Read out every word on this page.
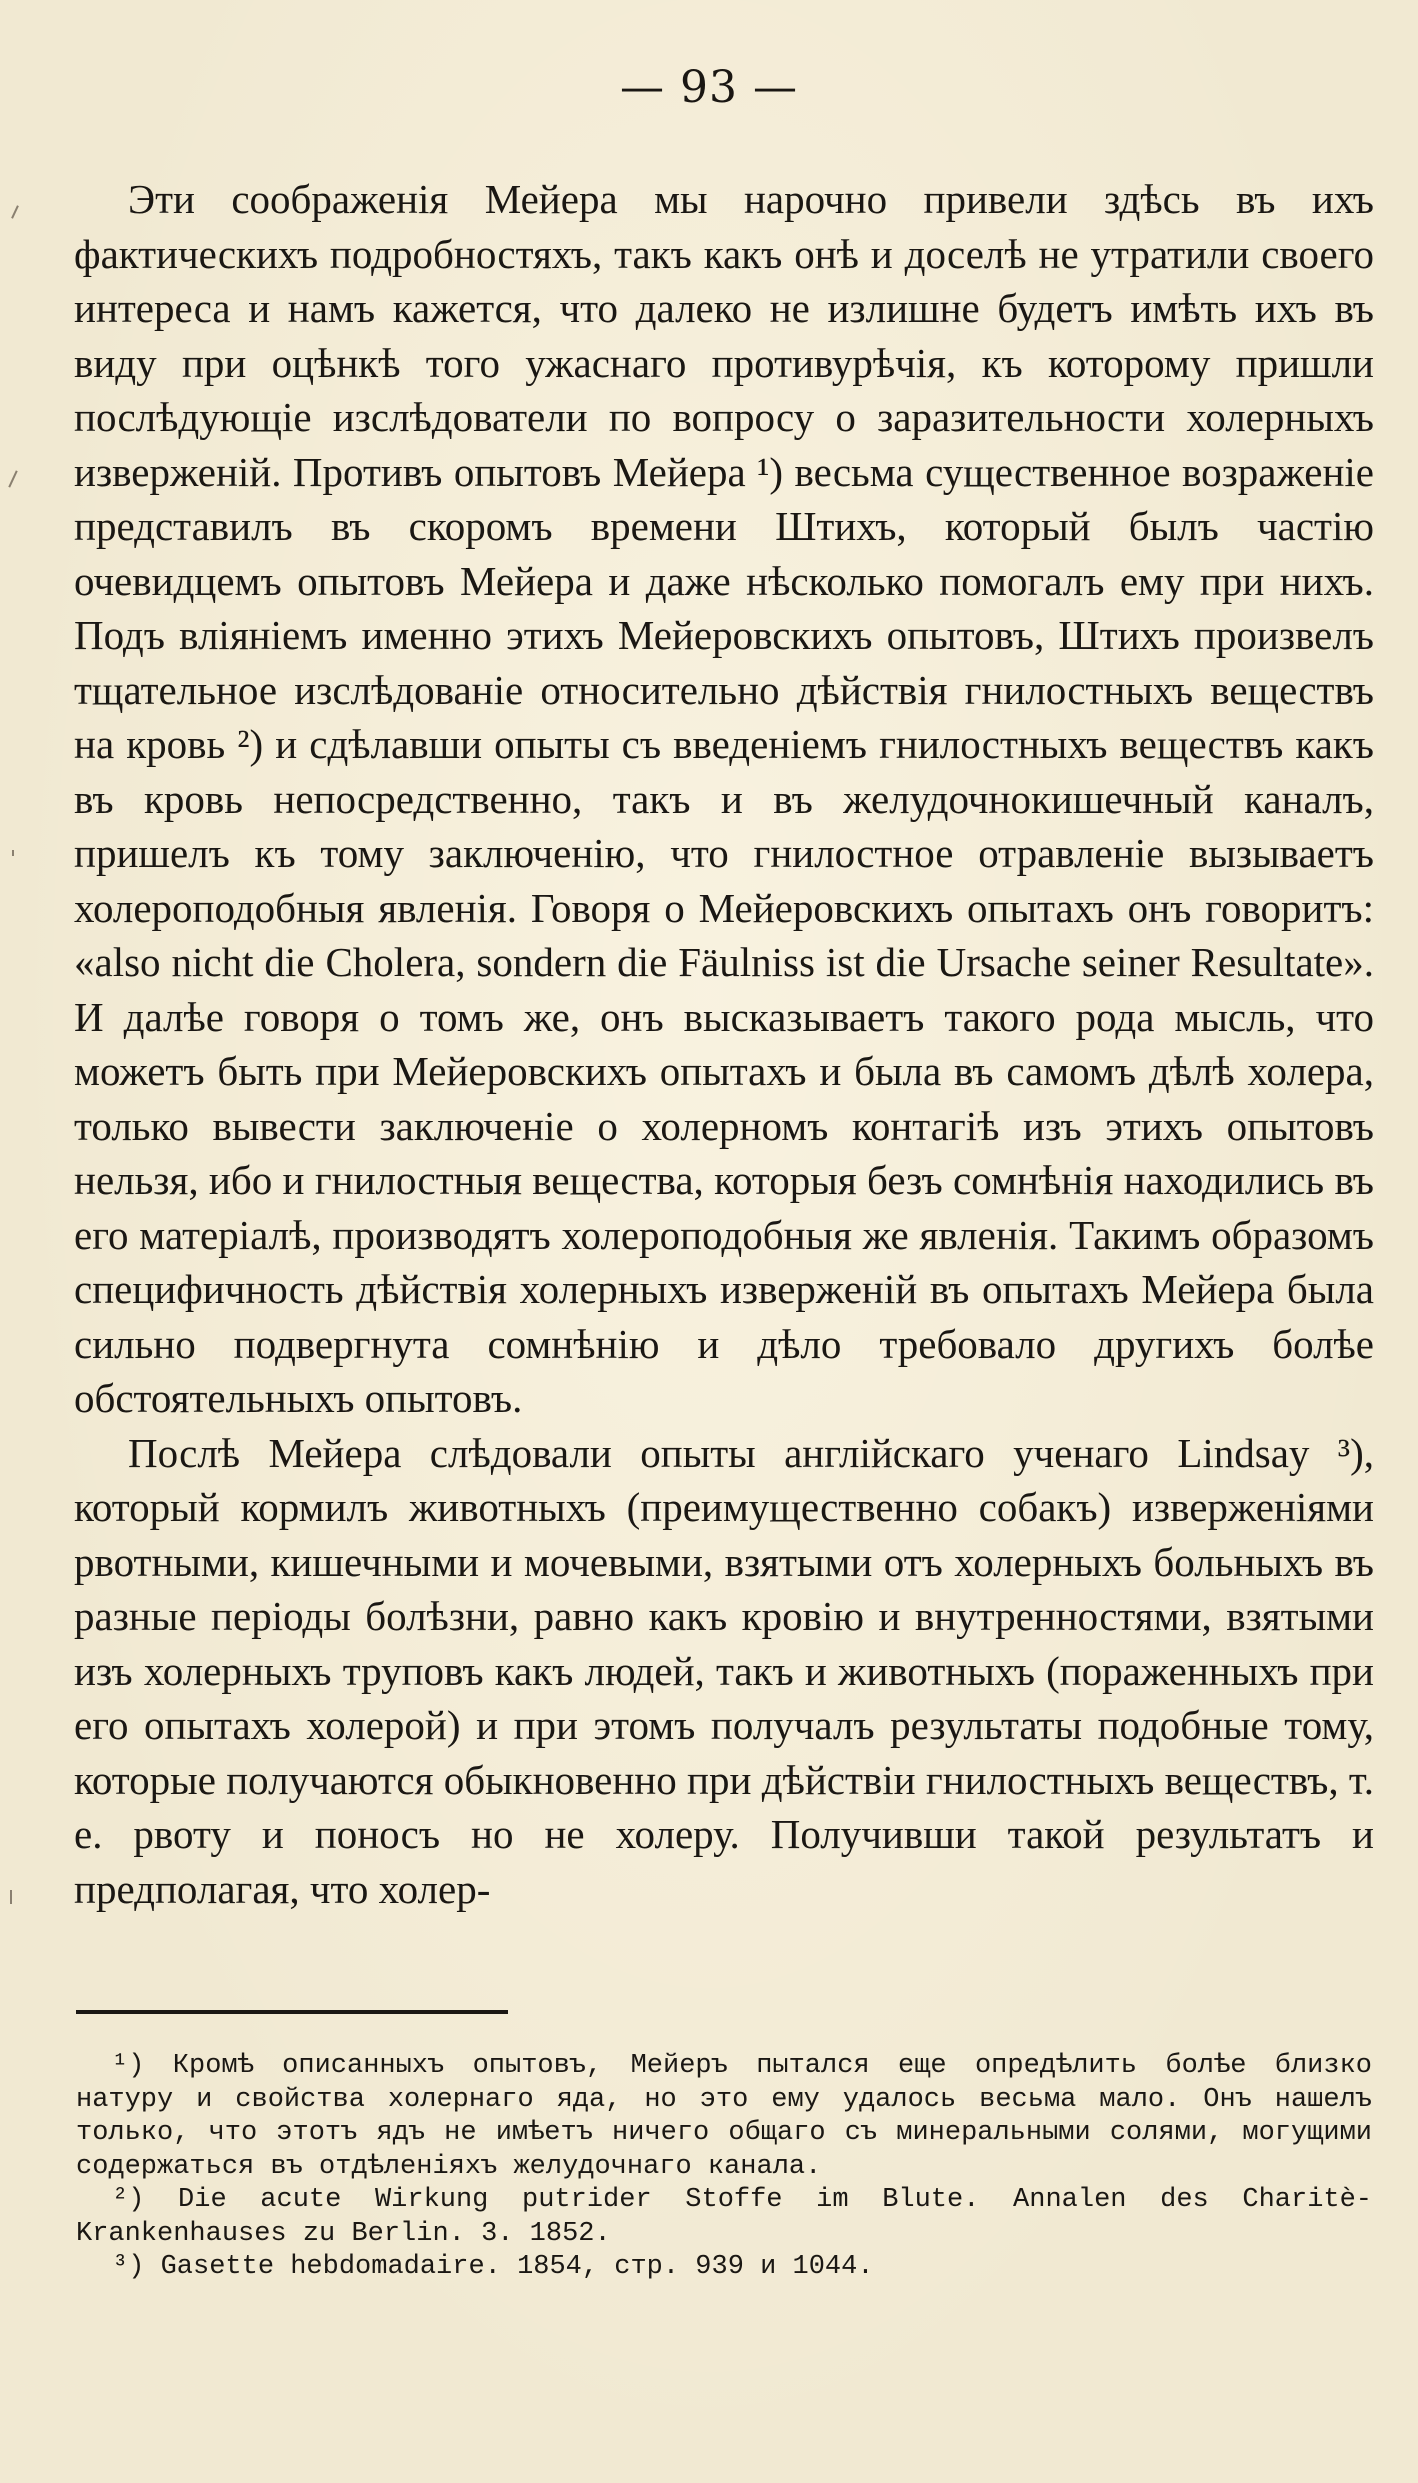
— 93 —

Эти соображенія Мейера мы нарочно привели здѣсь въ ихъ фактическихъ подробностяхъ, такъ какъ онѣ и доселѣ не утратили своего интереса и намъ кажется, что далеко не излишне будетъ имѣть ихъ въ виду при оцѣнкѣ того ужаснаго противурѣчія, къ которому пришли послѣдующіе изслѣдователи по вопросу о заразительности холерныхъ изверженій. Противъ опытовъ Мейера ¹) весьма существенное возраженіе представилъ въ скоромъ времени Штихъ, который былъ частію очевидцемъ опытовъ Мейера и даже нѣсколько помогалъ ему при нихъ. Подъ вліяніемъ именно этихъ Мейеровскихъ опытовъ, Штихъ произвелъ тщательное изслѣдованіе относительно дѣйствія гнилостныхъ веществъ на кровь ²) и сдѣлавши опыты съ введеніемъ гнилостныхъ веществъ какъ въ кровь непосредственно, такъ и въ желудочнокишечный каналъ, пришелъ къ тому заключенію, что гнилостное отравленіе вызываетъ холероподобныя явленія. Говоря о Мейеровскихъ опытахъ онъ говоритъ: «also nicht die Cholera, sondern die Fäulniss ist die Ursache seiner Resultate». И далѣе говоря о томъ же, онъ высказываетъ такого рода мысль, что можетъ быть при Мейеровскихъ опытахъ и была въ самомъ дѣлѣ холера, только вывести заключеніе о холерномъ контагіѣ изъ этихъ опытовъ нельзя, ибо и гнилостныя вещества, которыя безъ сомнѣнія находились въ его матеріалѣ, производятъ холероподобныя же явленія. Такимъ образомъ специфичность дѣйствія холерныхъ изверженій въ опытахъ Мейера была сильно подвергнута сомнѣнію и дѣло требовало другихъ болѣе обстоятельныхъ опытовъ.

Послѣ Мейера слѣдовали опыты англійскаго ученаго Lindsay ³), который кормилъ животныхъ (преимущественно собакъ) изверженіями рвотными, кишечными и мочевыми, взятыми отъ холерныхъ больныхъ въ разные періоды болѣзни, равно какъ кровію и внутренностями, взятыми изъ холерныхъ труповъ какъ людей, такъ и животныхъ (пораженныхъ при его опытахъ холерой) и при этомъ получалъ результаты подобные тому, которые получаются обыкновенно при дѣйствіи гнилостныхъ веществъ, т. е. рвоту и поносъ но не холеру. Получивши такой результатъ и предполагая, что холер-

¹) Кромѣ описанныхъ опытовъ, Мейеръ пытался еще опредѣлить болѣе близко натуру и свойства холернаго яда, но это ему удалось весьма мало. Онъ нашелъ только, что этотъ ядъ не имѣетъ ничего общаго съ минеральными солями, могущими содержаться въ отдѣленіяхъ желудочнаго канала.

²) Die acute Wirkung putrider Stoffe im Blute. Annalen des Charitè-Krankenhauses zu Berlin. 3. 1852.

³) Gasette hebdomadaire. 1854, стр. 939 и 1044.
